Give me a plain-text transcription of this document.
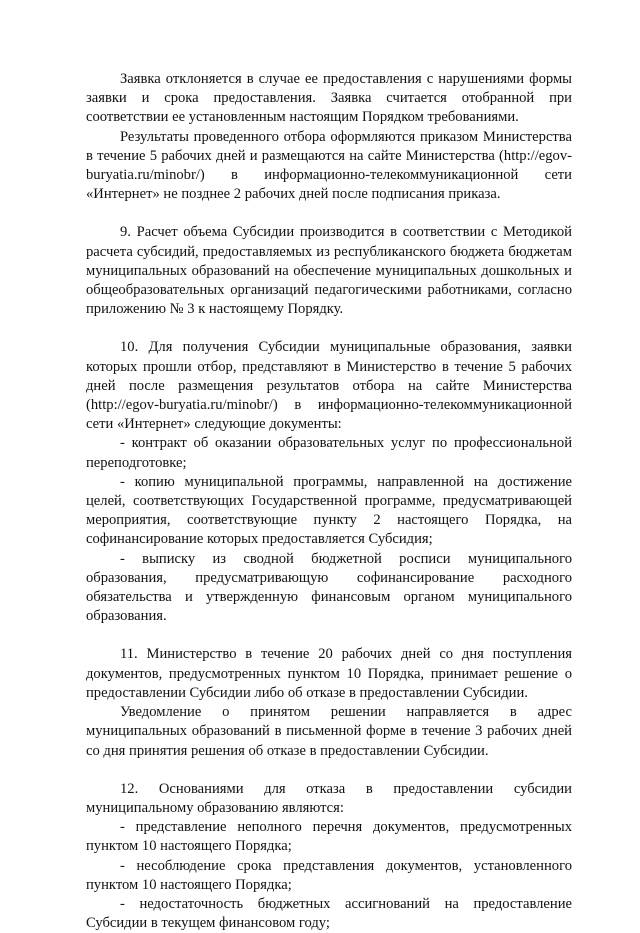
Заявка отклоняется в случае ее предоставления с нарушениями формы заявки и срока предоставления. Заявка считается отобранной при соответствии ее установленным настоящим Порядком требованиями.

Результаты проведенного отбора оформляются приказом Министерства в течение 5 рабочих дней и размещаются на сайте Министерства (http://egov-buryatia.ru/minobr/) в информационно-телекоммуникационной сети «Интернет» не позднее 2 рабочих дней после подписания приказа.

9. Расчет объема Субсидии производится в соответствии с Методикой расчета субсидий, предоставляемых из республиканского бюджета бюджетам муниципальных образований на обеспечение муниципальных дошкольных и общеобразовательных организаций педагогическими работниками, согласно приложению № 3 к настоящему Порядку.

10. Для получения Субсидии муниципальные образования, заявки которых прошли отбор, представляют в Министерство в течение 5 рабочих дней после размещения результатов отбора на сайте Министерства (http://egov-buryatia.ru/minobr/) в информационно-телекоммуникационной сети «Интернет» следующие документы:

- контракт об оказании образовательных услуг по профессиональной переподготовке;

- копию муниципальной программы, направленной на достижение целей, соответствующих Государственной программе, предусматривающей мероприятия, соответствующие пункту 2 настоящего Порядка, на софинансирование которых предоставляется Субсидия;

- выписку из сводной бюджетной росписи муниципального образования, предусматривающую софинансирование расходного обязательства и утвержденную финансовым органом муниципального образования.

11. Министерство в течение 20 рабочих дней со дня поступления документов, предусмотренных пунктом 10 Порядка, принимает решение о предоставлении Субсидии либо об отказе в предоставлении Субсидии.

Уведомление о принятом решении направляется в адрес муниципальных образований в письменной форме в течение 3 рабочих дней со дня принятия решения об отказе в предоставлении Субсидии.

12. Основаниями для отказа в предоставлении субсидии муниципальному образованию являются:

- представление неполного перечня документов, предусмотренных пунктом 10 настоящего Порядка;

- несоблюдение срока представления документов, установленного пунктом 10 настоящего Порядка;

- недостаточность бюджетных ассигнований на предоставление Субсидии в текущем финансовом году;
